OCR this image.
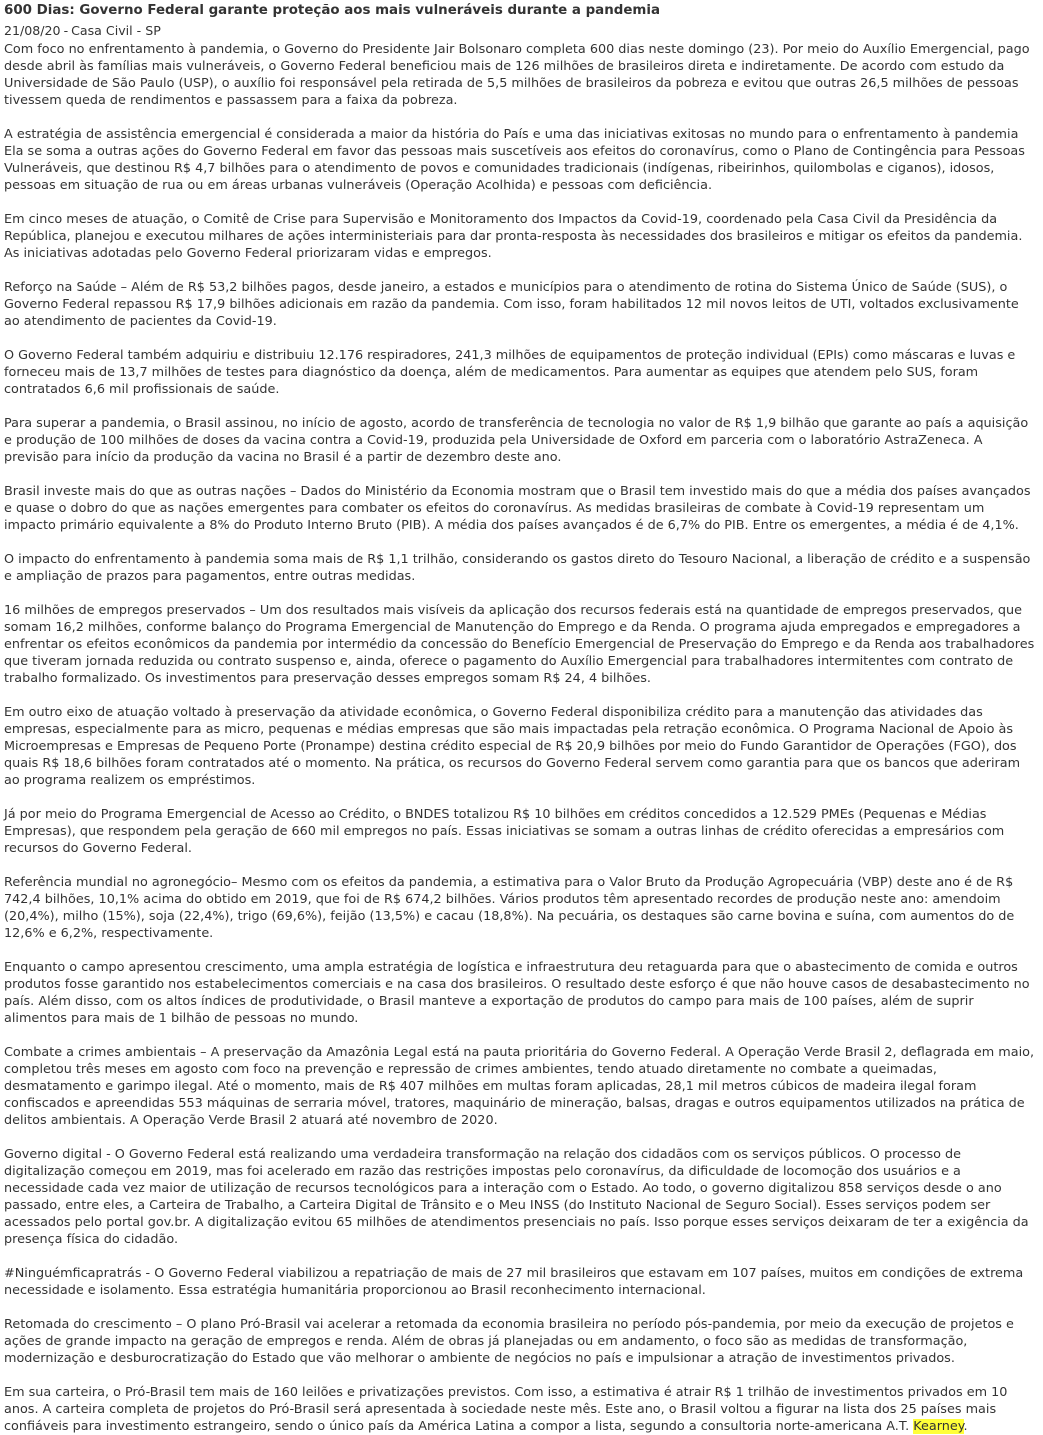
600 Dias: Governo Federal garante proteção aos mais vulneráveis durante a pandemia
21/08/20 - Casa Civil - SP

Com foco no enfrentamento à pandemia, o Governo do Presidente Jair Bolsonaro completa 600 dias neste domingo (23). Por meio do Auxílio Emergencial, pago desde abril às famílias mais vulneráveis, o Governo Federal beneficiou mais de 126 milhões de brasileiros direta e indiretamente. De acordo com estudo da Universidade de São Paulo (USP), o auxílio foi responsável pela retirada de 5,5 milhões de brasileiros da pobreza e evitou que outras 26,5 milhões de pessoas tivessem queda de rendimentos e passassem para a faixa da pobreza.

A estratégia de assistência emergencial é considerada a maior da história do País e uma das iniciativas exitosas no mundo para o enfrentamento à pandemia Ela se soma a outras ações do Governo Federal em favor das pessoas mais suscetíveis aos efeitos do coronavírus, como o Plano de Contingência para Pessoas Vulneráveis, que destinou R$ 4,7 bilhões para o atendimento de povos e comunidades tradicionais (indígenas, ribeirinhos, quilombolas e ciganos), idosos, pessoas em situação de rua ou em áreas urbanas vulneráveis (Operação Acolhida) e pessoas com deficiência.

Em cinco meses de atuação, o Comitê de Crise para Supervisão e Monitoramento dos Impactos da Covid-19, coordenado pela Casa Civil da Presidência da República, planejou e executou milhares de ações interministeriais para dar pronta-resposta às necessidades dos brasileiros e mitigar os efeitos da pandemia. As iniciativas adotadas pelo Governo Federal priorizaram vidas e empregos.

Reforço na Saúde – Além de R$ 53,2 bilhões pagos, desde janeiro, a estados e municípios para o atendimento de rotina do Sistema Único de Saúde (SUS), o Governo Federal repassou R$ 17,9 bilhões adicionais em razão da pandemia. Com isso, foram habilitados 12 mil novos leitos de UTI, voltados exclusivamente ao atendimento de pacientes da Covid-19.

O Governo Federal também adquiriu e distribuiu 12.176 respiradores, 241,3 milhões de equipamentos de proteção individual (EPIs) como máscaras e luvas e forneceu mais de 13,7 milhões de testes para diagnóstico da doença, além de medicamentos. Para aumentar as equipes que atendem pelo SUS, foram contratados 6,6 mil profissionais de saúde.

Para superar a pandemia, o Brasil assinou, no início de agosto, acordo de transferência de tecnologia no valor de R$ 1,9 bilhão que garante ao país a aquisição e produção de 100 milhões de doses da vacina contra a Covid-19, produzida pela Universidade de Oxford em parceria com o laboratório AstraZeneca. A previsão para início da produção da vacina no Brasil é a partir de dezembro deste ano.

Brasil investe mais do que as outras nações – Dados do Ministério da Economia mostram que o Brasil tem investido mais do que a média dos países avançados e quase o dobro do que as nações emergentes para combater os efeitos do coronavírus. As medidas brasileiras de combate à Covid-19 representam um impacto primário equivalente a 8% do Produto Interno Bruto (PIB). A média dos países avançados é de 6,7% do PIB. Entre os emergentes, a média é de 4,1%.

O impacto do enfrentamento à pandemia soma mais de R$ 1,1 trilhão, considerando os gastos direto do Tesouro Nacional, a liberação de crédito e a suspensão e ampliação de prazos para pagamentos, entre outras medidas.

16 milhões de empregos preservados – Um dos resultados mais visíveis da aplicação dos recursos federais está na quantidade de empregos preservados, que somam 16,2 milhões, conforme balanço do Programa Emergencial de Manutenção do Emprego e da Renda. O programa ajuda empregados e empregadores a enfrentar os efeitos econômicos da pandemia por intermédio da concessão do Benefício Emergencial de Preservação do Emprego e da Renda aos trabalhadores que tiveram jornada reduzida ou contrato suspenso e, ainda, oferece o pagamento do Auxílio Emergencial para trabalhadores intermitentes com contrato de trabalho formalizado. Os investimentos para preservação desses empregos somam R$ 24, 4 bilhões.

Em outro eixo de atuação voltado à preservação da atividade econômica, o Governo Federal disponibiliza crédito para a manutenção das atividades das empresas, especialmente para as micro, pequenas e médias empresas que são mais impactadas pela retração econômica. O Programa Nacional de Apoio às Microempresas e Empresas de Pequeno Porte (Pronampe) destina crédito especial de R$ 20,9 bilhões por meio do Fundo Garantidor de Operações (FGO), dos quais R$ 18,6 bilhões foram contratados até o momento. Na prática, os recursos do Governo Federal servem como garantia para que os bancos que aderiram ao programa realizem os empréstimos.

Já por meio do Programa Emergencial de Acesso ao Crédito, o BNDES totalizou R$ 10 bilhões em créditos concedidos a 12.529 PMEs (Pequenas e Médias Empresas), que respondem pela geração de 660 mil empregos no país. Essas iniciativas se somam a outras linhas de crédito oferecidas a empresários com recursos do Governo Federal.

Referência mundial no agronegócio– Mesmo com os efeitos da pandemia, a estimativa para o Valor Bruto da Produção Agropecuária (VBP) deste ano é de R$ 742,4 bilhões, 10,1% acima do obtido em 2019, que foi de R$ 674,2 bilhões. Vários produtos têm apresentado recordes de produção neste ano: amendoim (20,4%), milho (15%), soja (22,4%), trigo (69,6%), feijão (13,5%) e cacau (18,8%). Na pecuária, os destaques são carne bovina e suína, com aumentos do de 12,6% e 6,2%, respectivamente.

Enquanto o campo apresentou crescimento, uma ampla estratégia de logística e infraestrutura deu retaguarda para que o abastecimento de comida e outros produtos fosse garantido nos estabelecimentos comerciais e na casa dos brasileiros. O resultado deste esforço é que não houve casos de desabastecimento no país. Além disso, com os altos índices de produtividade, o Brasil manteve a exportação de produtos do campo para mais de 100 países, além de suprir alimentos para mais de 1 bilhão de pessoas no mundo.

Combate a crimes ambientais – A preservação da Amazônia Legal está na pauta prioritária do Governo Federal. A Operação Verde Brasil 2, deflagrada em maio, completou três meses em agosto com foco na prevenção e repressão de crimes ambientes, tendo atuado diretamente no combate a queimadas, desmatamento e garimpo ilegal. Até o momento, mais de R$ 407 milhões em multas foram aplicadas, 28,1 mil metros cúbicos de madeira ilegal foram confiscados e apreendidas 553 máquinas de serraria móvel, tratores, maquinário de mineração, balsas, dragas e outros equipamentos utilizados na prática de delitos ambientais. A Operação Verde Brasil 2 atuará até novembro de 2020.

Governo digital - O Governo Federal está realizando uma verdadeira transformação na relação dos cidadãos com os serviços públicos. O processo de digitalização começou em 2019, mas foi acelerado em razão das restrições impostas pelo coronavírus, da dificuldade de locomoção dos usuários e a necessidade cada vez maior de utilização de recursos tecnológicos para a interação com o Estado. Ao todo, o governo digitalizou 858 serviços desde o ano passado, entre eles, a Carteira de Trabalho, a Carteira Digital de Trânsito e o Meu INSS (do Instituto Nacional de Seguro Social). Esses serviços podem ser acessados pelo portal gov.br. A digitalização evitou 65 milhões de atendimentos presenciais no país. Isso porque esses serviços deixaram de ter a exigência da presença física do cidadão.

#Ninguémficapratrás - O Governo Federal viabilizou a repatriação de mais de 27 mil brasileiros que estavam em 107 países, muitos em condições de extrema necessidade e isolamento. Essa estratégia humanitária proporcionou ao Brasil reconhecimento internacional.

Retomada do crescimento – O plano Pró-Brasil vai acelerar a retomada da economia brasileira no período pós-pandemia, por meio da execução de projetos e ações de grande impacto na geração de empregos e renda. Além de obras já planejadas ou em andamento, o foco são as medidas de transformação, modernização e desburocratização do Estado que vão melhorar o ambiente de negócios no país e impulsionar a atração de investimentos privados.

Em sua carteira, o Pró-Brasil tem mais de 160 leilões e privatizações previstos. Com isso, a estimativa é atrair R$ 1 trilhão de investimentos privados em 10 anos. A carteira completa de projetos do Pró-Brasil será apresentada à sociedade neste mês. Este ano, o Brasil voltou a figurar na lista dos 25 países mais confiáveis para investimento estrangeiro, sendo o único país da América Latina a compor a lista, segundo a consultoria norte-americana A.T. Kearney.
